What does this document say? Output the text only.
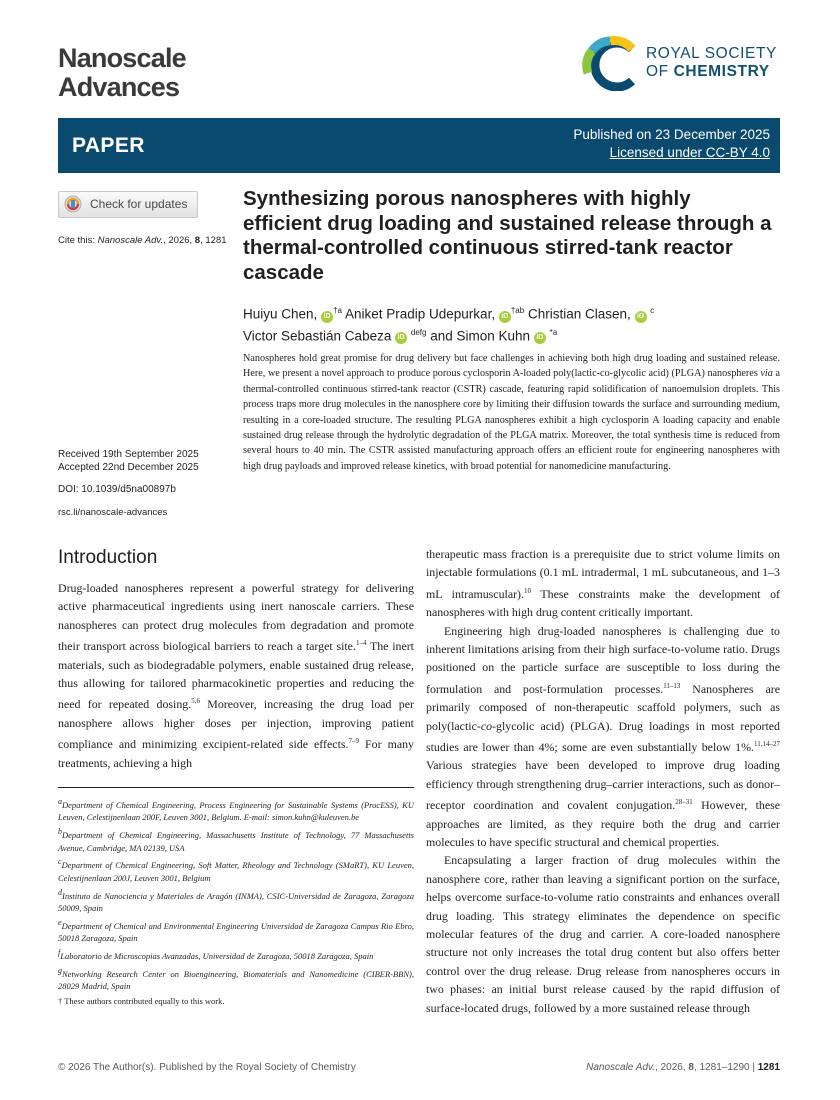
Nanoscale
Advances
ROYAL SOCIETY
OF CHEMISTRY
PAPER	Published on 23 December 2025
Licensed under CC-BY 4.0
Check for updates
Cite this: Nanoscale Adv., 2026, 8, 1281
Received 19th September 2025
Accepted 22nd December 2025
DOI: 10.1039/d5na00897b
rsc.li/nanoscale-advances
Synthesizing porous nanospheres with highly efficient drug loading and sustained release through a thermal-controlled continuous stirred-tank reactor cascade
Huiyu Chen, $iD^{\dagger a}$ Aniket Pradip Udepurkar, $iD^{\dagger ab}$ Christian Clasen, iD $^c$
Victor Sebastián Cabeza iD $^{defg}$ and Simon Kuhn iD $^{*a}$
Nanospheres hold great promise for drug delivery but face challenges in achieving both high drug loading and sustained release. Here, we present a novel approach to produce porous cyclosporin A-loaded poly(lactic-co-glycolic acid) (PLGA) nanospheres via a thermal-controlled continuous stirred-tank reactor (CSTR) cascade, featuring rapid solidification of nanoemulsion droplets. This process traps more drug molecules in the nanosphere core by limiting their diffusion towards the surface and surrounding medium, resulting in a core-loaded structure. The resulting PLGA nanospheres exhibit a high cyclosporin A loading capacity and enable sustained drug release through the hydrolytic degradation of the PLGA matrix. Moreover, the total synthesis time is reduced from several hours to 40 min. The CSTR assisted manufacturing approach offers an efficient route for engineering nanospheres with high drug payloads and improved release kinetics, with broad potential for nanomedicine manufacturing.
Introduction
Drug-loaded nanospheres represent a powerful strategy for delivering active pharmaceutical ingredients using inert nanoscale carriers. These nanospheres can protect drug molecules from degradation and promote their transport across biological barriers to reach a target site.$^{1-4}$ The inert materials, such as biodegradable polymers, enable sustained drug release, thus allowing for tailored pharmacokinetic properties and reducing the need for repeated dosing.$^{5,6}$ Moreover, increasing the drug load per nanosphere allows higher doses per injection, improving patient compliance and minimizing excipient-related side effects.$^{7-9}$ For many treatments, achieving a high

therapeutic mass fraction is a prerequisite due to strict volume limits on injectable formulations (0.1 mL intradermal, 1 mL subcutaneous, and 1–3 mL intramuscular).$^{10}$ These constraints make the development of nanospheres with high drug content critically important.

Engineering high drug-loaded nanospheres is challenging due to inherent limitations arising from their high surface-to-volume ratio. Drugs positioned on the particle surface are susceptible to loss during the formulation and post-formulation processes.$^{11-13}$ Nanospheres are primarily composed of non-therapeutic scaffold polymers, such as poly(lactic-co-glycolic acid) (PLGA). Drug loadings in most reported studies are lower than 4%; some are even substantially below 1%.$^{11,14-27}$ Various strategies have been developed to improve drug loading efficiency through strengthening drug–carrier interactions, such as donor–receptor coordination and covalent conjugation.$^{28-31}$ However, these approaches are limited, as they require both the drug and carrier molecules to have specific structural and chemical properties.

Encapsulating a larger fraction of drug molecules within the nanosphere core, rather than leaving a significant portion on the surface, helps overcome surface-to-volume ratio constraints and enhances overall drug loading. This strategy eliminates the dependence on specific molecular features of the drug and carrier. A core-loaded nanosphere structure not only increases the total drug content but also offers better control over the drug release. Drug release from nanospheres occurs in two phases: an initial burst release caused by the rapid diffusion of surface-located drugs, followed by a more sustained release through

$^a$Department of Chemical Engineering, Process Engineering for Sustainable Systems (ProcESS), KU Leuven, Celestijnenlaan 200F, Leuven 3001, Belgium. E-mail: simon.kuhn@kuleuven.be
$^b$Department of Chemical Engineering, Massachusetts Institute of Technology, 77 Massachusetts Avenue, Cambridge, MA 02139, USA
$^c$Department of Chemical Engineering, Soft Matter, Rheology and Technology (SMaRT), KU Leuven, Celestijnenlaan 200J, Leuven 3001, Belgium
$^d$Instituto de Nanociencia y Materiales de Aragón (INMA), CSIC-Universidad de Zaragoza, Zaragoza 50009, Spain
$^e$Department of Chemical and Environmental Engineering Universidad de Zaragoza Campus Rio Ebro, 50018 Zaragoza, Spain
$^f$Laboratorio de Microscopias Avanzadas, Universidad de Zaragoza, 50018 Zaragoza, Spain
$^g$Networking Research Center on Bioengineering, Biomaterials and Nanomedicine (CIBER-BBN), 28029 Madrid, Spain
† These authors contributed equally to this work.
© 2026 The Author(s). Published by the Royal Society of Chemistry	Nanoscale Adv., 2026, 8, 1281–1290 | 1281
